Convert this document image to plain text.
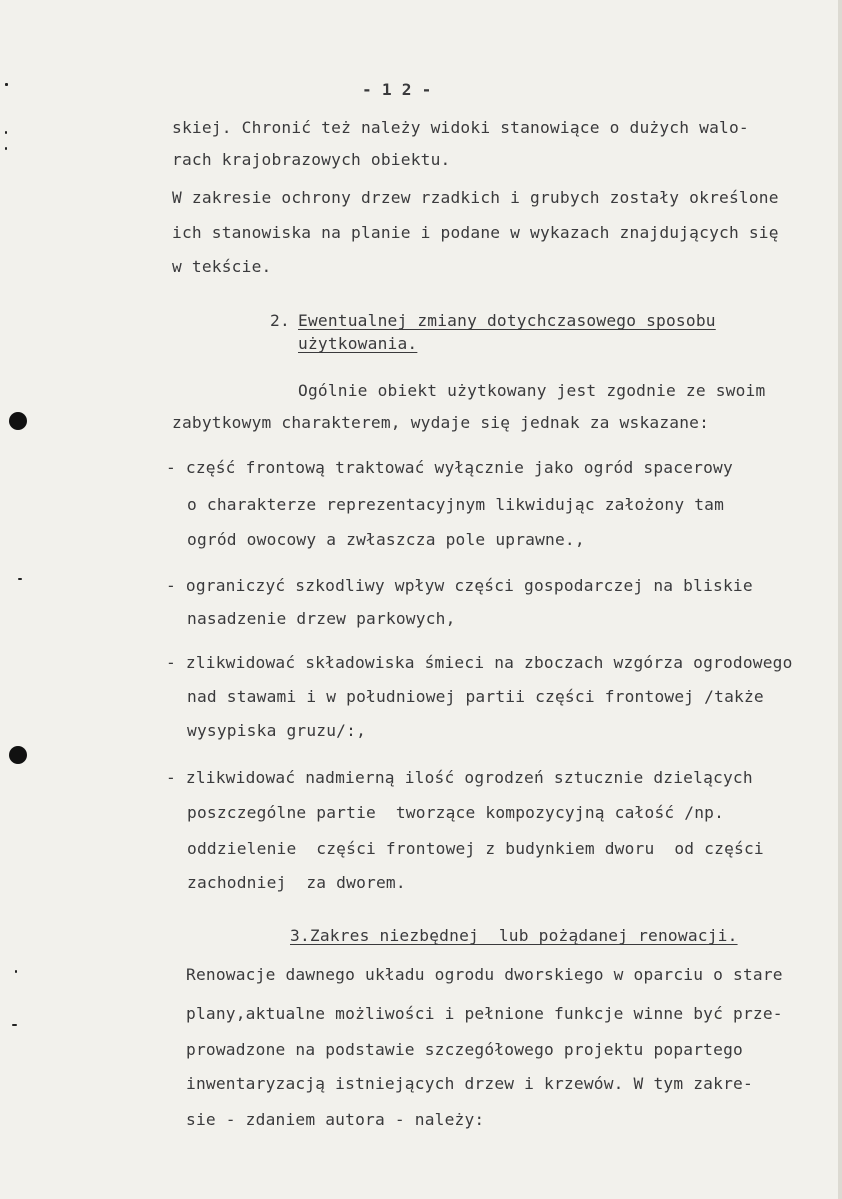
- 1 2 -
skiej. Chronić też należy widoki stanowiące o dużych walo-
rach krajobrazowych obiektu.
W zakresie ochrony drzew rzadkich i grubych zostały określone
ich stanowiska na planie i podane w wykazach znajdujących się
w tekście.
2. Ewentualnej zmiany dotychczasowego sposobu
użytkowania.
Ogólnie obiekt użytkowany jest zgodnie ze swoim
zabytkowym charakterem, wydaje się jednak za wskazane:
- część frontową traktować wyłącznie jako ogród spacerowy
o charakterze reprezentacyjnym likwidując założony tam
ogród owocowy a zwłaszcza pole uprawne.,
- ograniczyć szkodliwy wpływ części gospodarczej na bliskie
nasadzenie drzew parkowych,
- zlikwidować składowiska śmieci na zboczach wzgórza ogrodowego
nad stawami i w południowej partii części frontowej /także
wysypiska gruzu/:,
- zlikwidować nadmierną ilość ogrodzeń sztucznie dzielących
poszczególne partie  tworzące kompozycyjną całość /np.
oddzielenie  części frontowej z budynkiem dworu  od części
zachodniej  za dworem.
3.Zakres niezbędnej  lub pożądanej renowacji.
Renowacje dawnego układu ogrodu dworskiego w oparciu o stare
plany,aktualne możliwości i pełnione funkcje winne być prze-
prowadzone na podstawie szczegółowego projektu popartego
inwentaryzacją istniejących drzew i krzewów. W tym zakre-
sie - zdaniem autora - należy:
